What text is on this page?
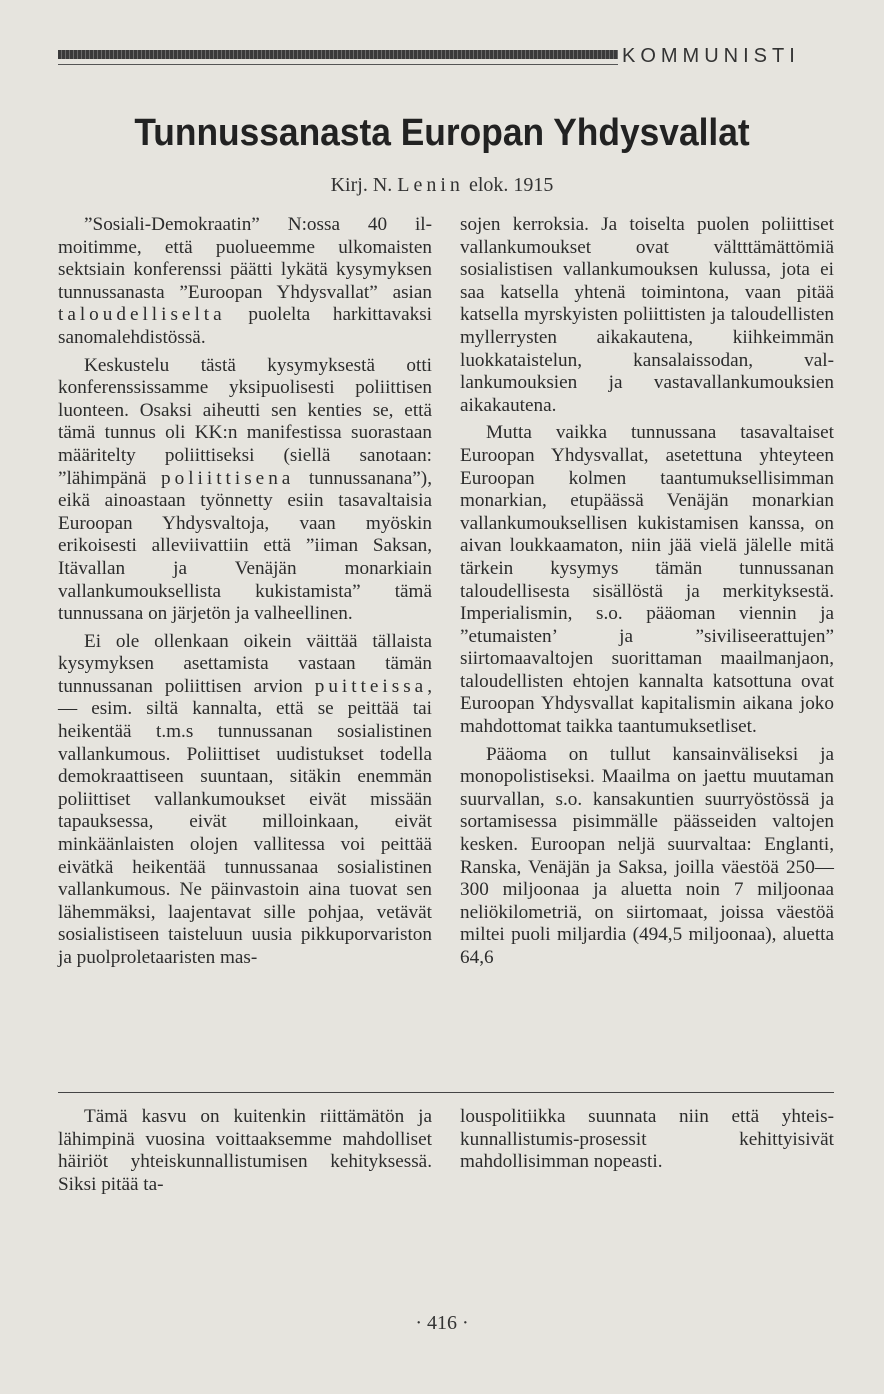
KOMMUNISTI
Tunnussanasta Europan Yhdysvallat
Kirj. N. Lenin elok. 1915

”Sosiali-Demokraatin” N:ossa 40 il-moitimme, että puolueemme ulkomaisten sektsiain konferenssi päätti lykätä kysymyksen tunnussanasta ”Euroopan Yhdysvallat” asian taloudelliselta puolelta harkittavaksi sanomalehdistössä.

Keskustelu tästä kysymyksestä otti konferenssissamme yksipuolisesti poliittisen luonteen. Osaksi aiheutti sen kenties se, että tämä tunnus oli KK:n manifestissa suorastaan määritelty poliittiseksi (siellä sanotaan: ”lähimpänä poliittisena tunnussanana”), eikä ainoastaan työnnetty esiin tasavaltaisia Euroopan Yhdysvaltoja, vaan myöskin erikoisesti alleviivattiin että ”iiman Saksan, Itävallan ja Venäjän monarkiain vallankumouksellista kukistamista” tämä tunnussana on järjetön ja valheellinen.

Ei ole ollenkaan oikein väittää tällaista kysymyksen asettamista vastaan tämän tunnussanan poliittisen arvion puitteissa, — esim. siltä kannalta, että se peittää tai heikentää t.m.s tunnussanan sosialistinen vallankumous. Poliittiset uudistukset todella demokraattiseen suuntaan, sitäkin enemmän poliittiset vallankumoukset eivät missään tapauksessa, eivät milloinkaan, eivät minkäänlaisten olojen vallitessa voi peittää eivätkä heikentää tunnussanaa sosialistinen vallankumous. Ne päinvastoin aina tuovat sen lähemmäksi, laajentavat sille pohjaa, vetävät sosialistiseen taisteluun uusia pikkuporvariston ja puolproletaaristen mas-

sojen kerroksia. Ja toiselta puolen poliittiset vallankumoukset ovat vältttämättömiä sosialistisen vallankumouksen kulussa, jota ei saa katsella yhtenä toimintona, vaan pitää katsella myrskyisten poliittisten ja taloudellisten myllerrysten aikakautena, kiihkeimmän luokkataistelun, kansalaissodan, vallankumouksien ja vastavallankumouksien aikakautena.

Mutta vaikka tunnussana tasavaltaiset Euroopan Yhdysvallat, asetettuna yhteyteen Euroopan kolmen taantumuksellisimman monarkian, etupäässä Venäjän monarkian vallankumouksellisen kukistamisen kanssa, on aivan loukkaamaton, niin jää vielä jälelle mitä tärkein kysymys tämän tunnussanan taloudellisesta sisällöstä ja merkityksestä. Imperialismin, s.o. pääoman viennin ja ”etumaisten’ ja ”siviliseerattujen” siirtomaavaltojen suorittaman maailmanjaon, taloudellisten ehtojen kannalta katsottuna ovat Euroopan Yhdysvallat kapitalismin aikana joko mahdottomat taikka taantumuksetliset.

Pääoma on tullut kansainväliseksi ja monopolistiseksi. Maailma on jaettu muutaman suurvallan, s.o. kansakuntien suurryöstössä ja sortamisessa pisimmälle päässeiden valtojen kesken. Euroopan neljä suurvaltaa: Englanti, Ranska, Venäjän ja Saksa, joilla väestöä 250—300 miljoonaa ja aluetta noin 7 miljoonaa neliökilometriä, on siirtomaat, joissa väestöä miltei puoli miljardia (494,5 miljoonaa), aluetta 64,6

Tämä kasvu on kuitenkin riittämätön ja lähimpinä vuosina voittaaksemme mahdolliset häiriöt yhteiskunnallistumisen kehityksessä. Siksi pitää ta-

louspolitiikka suunnata niin että yhteiskunnallistumis-prosessit kehittyisivät mahdollisimman nopeasti.

· 416 ·
